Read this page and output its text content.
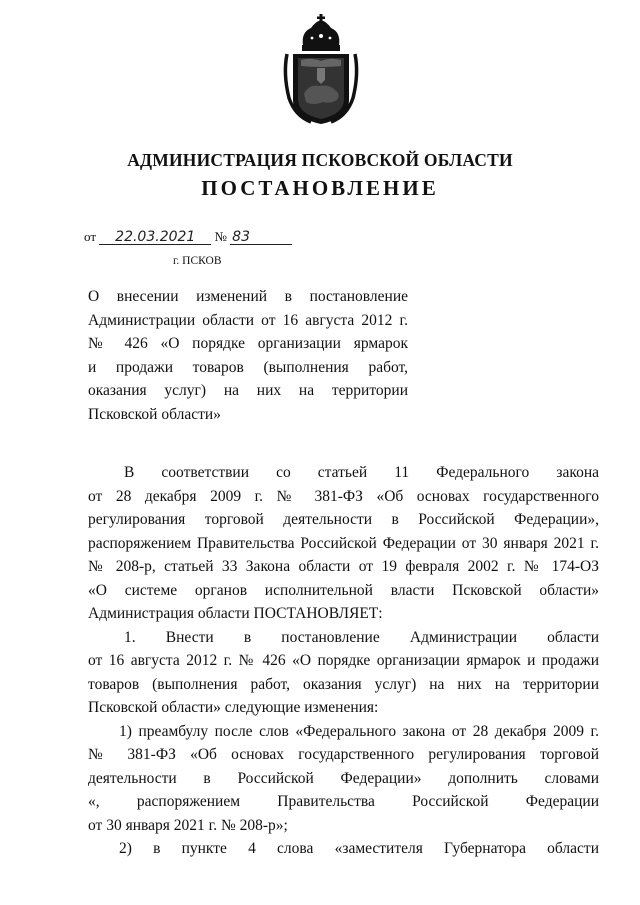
АДМИНИСТРАЦИЯ ПСКОВСКОЙ ОБЛАСТИ
ПОСТАНОВЛЕНИЕ
от 22.03.2021 № 83
г. ПСКОВ
О внесении изменений в постановление
Администрации области от 16 августа 2012 г.
№ 426 «О порядке организации ярмарок
и продажи товаров (выполнения работ,
оказания услуг) на них на территории
Псковской области»
В соответствии со статьей 11 Федерального закона
от 28 декабря 2009 г. № 381-ФЗ «Об основах государственного
регулирования торговой деятельности в Российской Федерации»,
распоряжением Правительства Российской Федерации от 30 января 2021 г.
№ 208-р, статьей 33 Закона области от 19 февраля 2002 г. № 174-ОЗ
«О системе органов исполнительной власти Псковской области»
Администрация области ПОСТАНОВЛЯЕТ:
1. Внести в постановление Администрации области
от 16 августа 2012 г. № 426 «О порядке организации ярмарок и продажи
товаров (выполнения работ, оказания услуг) на них на территории
Псковской области» следующие изменения:
1) преамбулу после слов «Федерального закона от 28 декабря 2009 г.
№ 381-ФЗ «Об основах государственного регулирования торговой
деятельности в Российской Федерации» дополнить словами
«, распоряжением Правительства Российской Федерации
от 30 января 2021 г. № 208-р»;
2) в пункте 4 слова «заместителя Губернатора области
